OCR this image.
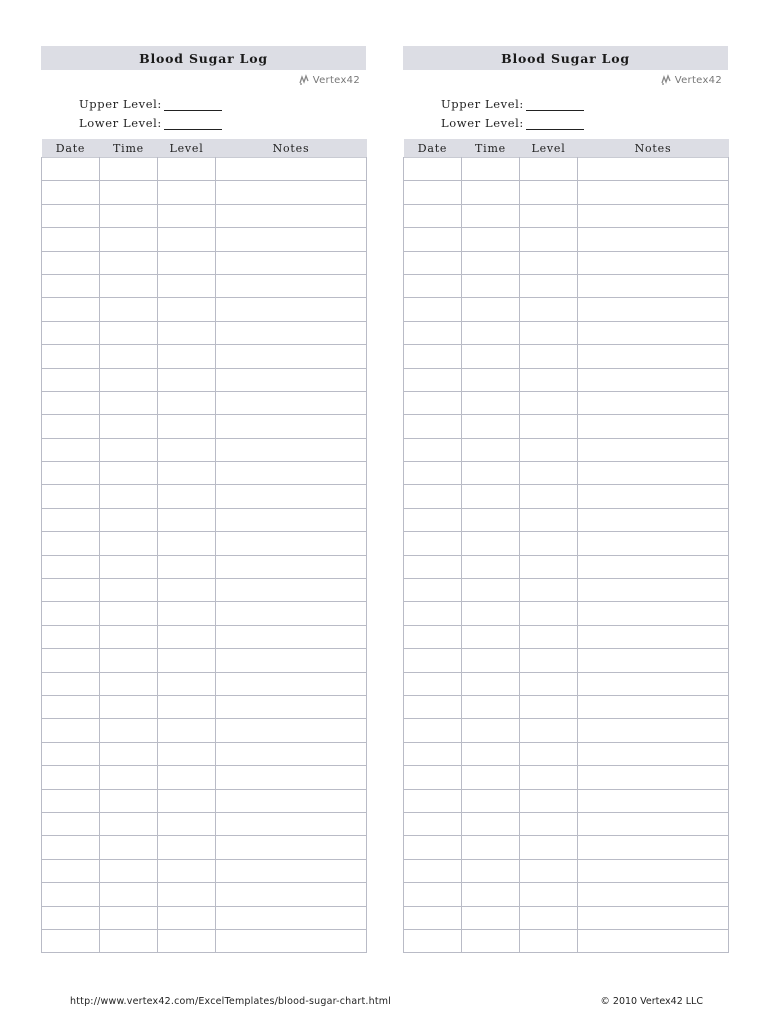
Blood Sugar Log
Vertex42
Upper Level:
Lower Level:
Date	Time	Level	Notes

Blood Sugar Log
Vertex42
Upper Level:
Lower Level:
Date	Time	Level	Notes

http://www.vertex42.com/ExcelTemplates/blood-sugar-chart.html	© 2010 Vertex42 LLC
